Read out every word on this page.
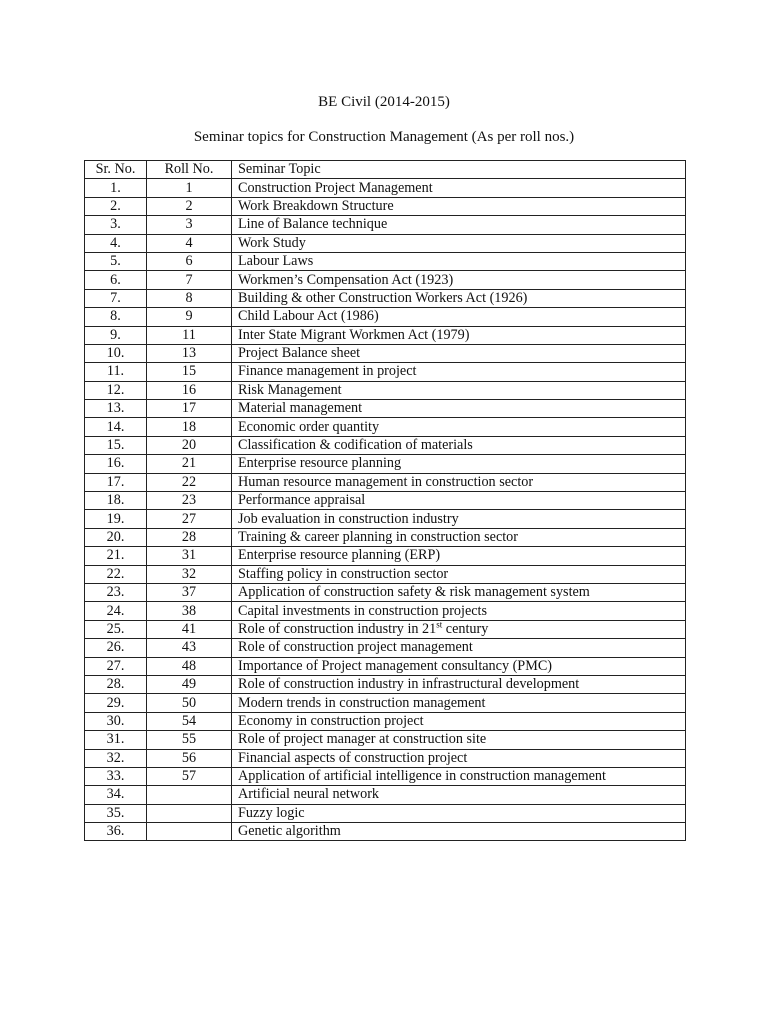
BE Civil (2014-2015)
Seminar topics for Construction Management (As per roll nos.)
Sr. No.	Roll No.	Seminar Topic
1.	1	Construction Project Management
2.	2	Work Breakdown Structure
3.	3	Line of Balance technique
4.	4	Work Study
5.	6	Labour Laws
6.	7	Workmen’s Compensation Act (1923)
7.	8	Building & other Construction Workers Act (1926)
8.	9	Child Labour Act (1986)
9.	11	Inter State Migrant Workmen Act (1979)
10.	13	Project Balance sheet
11.	15	Finance management in project
12.	16	Risk Management
13.	17	Material management
14.	18	Economic order quantity
15.	20	Classification & codification of materials
16.	21	Enterprise resource planning
17.	22	Human resource management in construction sector
18.	23	Performance appraisal
19.	27	Job evaluation in construction industry
20.	28	Training & career planning in construction sector
21.	31	Enterprise resource planning (ERP)
22.	32	Staffing policy in construction sector
23.	37	Application of construction safety & risk management system
24.	38	Capital investments in construction projects
25.	41	Role of construction industry in 21st century
26.	43	Role of construction project management
27.	48	Importance of Project management consultancy (PMC)
28.	49	Role of construction industry in infrastructural development
29.	50	Modern trends in construction management
30.	54	Economy in construction project
31.	55	Role of project manager at construction site
32.	56	Financial aspects of construction project
33.	57	Application of artificial intelligence in construction management
34.		Artificial neural network
35.		Fuzzy logic
36.		Genetic algorithm
